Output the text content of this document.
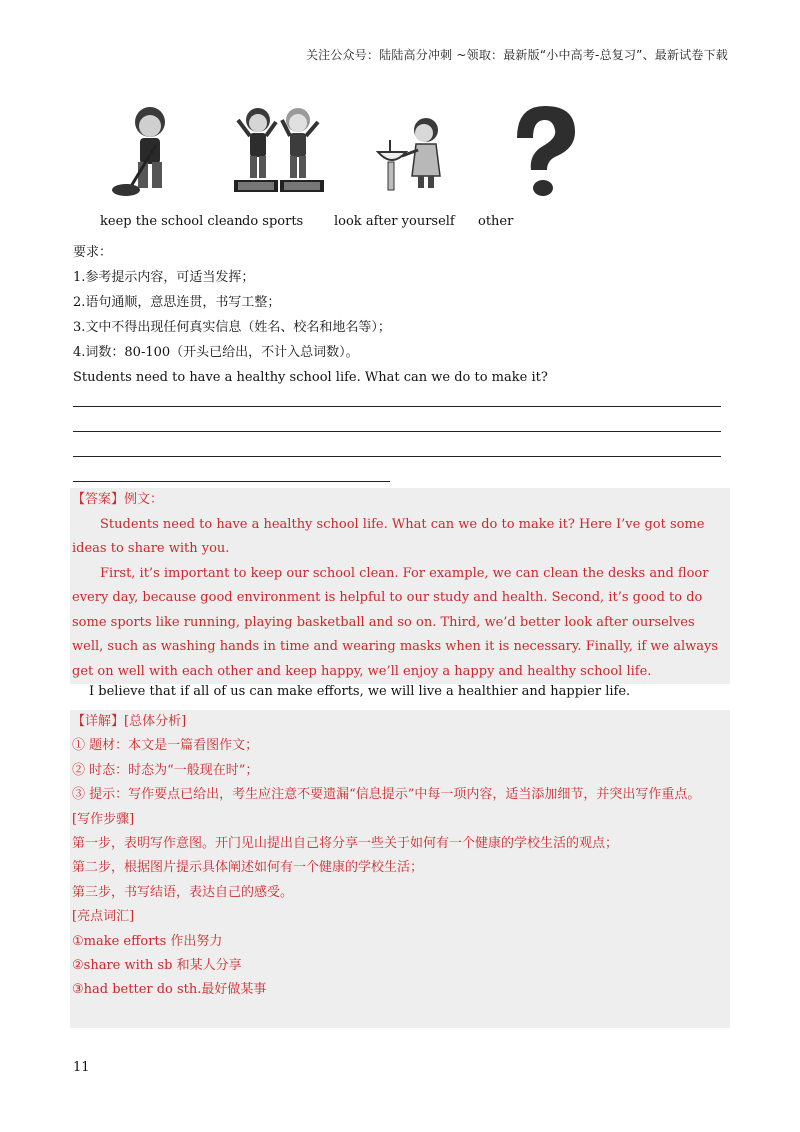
关注公众号：陆陆高分冲刺 ~领取：最新版“小中高考-总复习”、最新试卷下载
keep the school clean do sports look after yourself other
要求：
1.参考提示内容，可适当发挥；
2.语句通顺，意思连贯，书写工整；
3.文中不得出现任何真实信息（姓名、校名和地名等）；
4.词数：80-100（开头已给出，不计入总词数）。
Students need to have a healthy school life. What can we do to make it?

【答案】例文：

Students need to have a healthy school life. What can we do to make it? Here I’ve got some ideas to share with you.

First, it’s important to keep our school clean. For example, we can clean the desks and floor every day, because good environment is helpful to our study and health. Second, it’s good to do some sports like running, playing basketball and so on. Third, we’d better look after ourselves well, such as washing hands in time and wearing masks when it is necessary. Finally, if we always get on well with each other and keep happy, we’ll enjoy a happy and healthy school life.

I believe that if all of us can make efforts, we will live a healthier and happier life.
【详解】[总体分析]
① 题材：本文是一篇看图作文；
② 时态：时态为“一般现在时”；
③ 提示：写作要点已给出，考生应注意不要遗漏“信息提示”中每一项内容，适当添加细节，并突出写作重点。
[写作步骤]
第一步，表明写作意图。开门见山提出自己将分享一些关于如何有一个健康的学校生活的观点；
第二步，根据图片提示具体阐述如何有一个健康的学校生活；
第三步，书写结语，表达自己的感受。
[亮点词汇]
①make efforts 作出努力
②share with sb 和某人分享
③had better do sth.最好做某事
11
